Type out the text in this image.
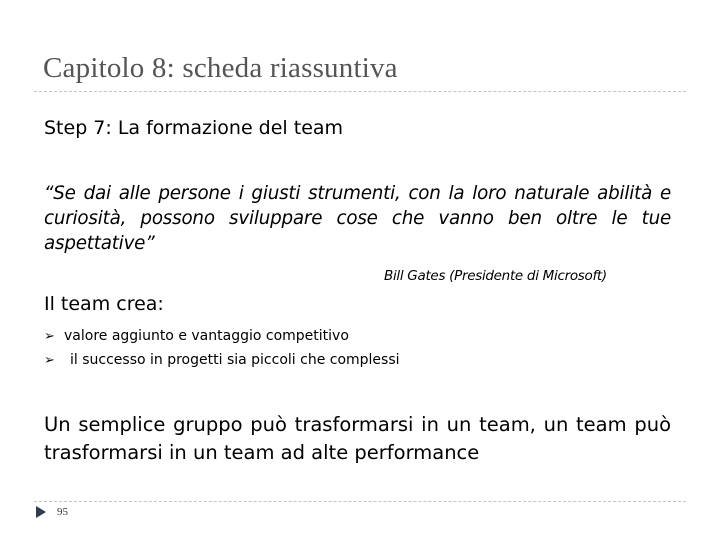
Capitolo 8: scheda riassuntiva
Step 7: La formazione del team
“Se dai alle persone i giusti strumenti, con la loro naturale abilità e curiosità, possono sviluppare cose che vanno ben oltre le tue aspettative”
Bill Gates (Presidente di Microsoft)
Il team crea:
➢ valore aggiunto e vantaggio competitivo
➢ il successo in progetti sia piccoli che complessi
Un semplice gruppo può trasformarsi in un team, un team può trasformarsi in un team ad alte performance
95
